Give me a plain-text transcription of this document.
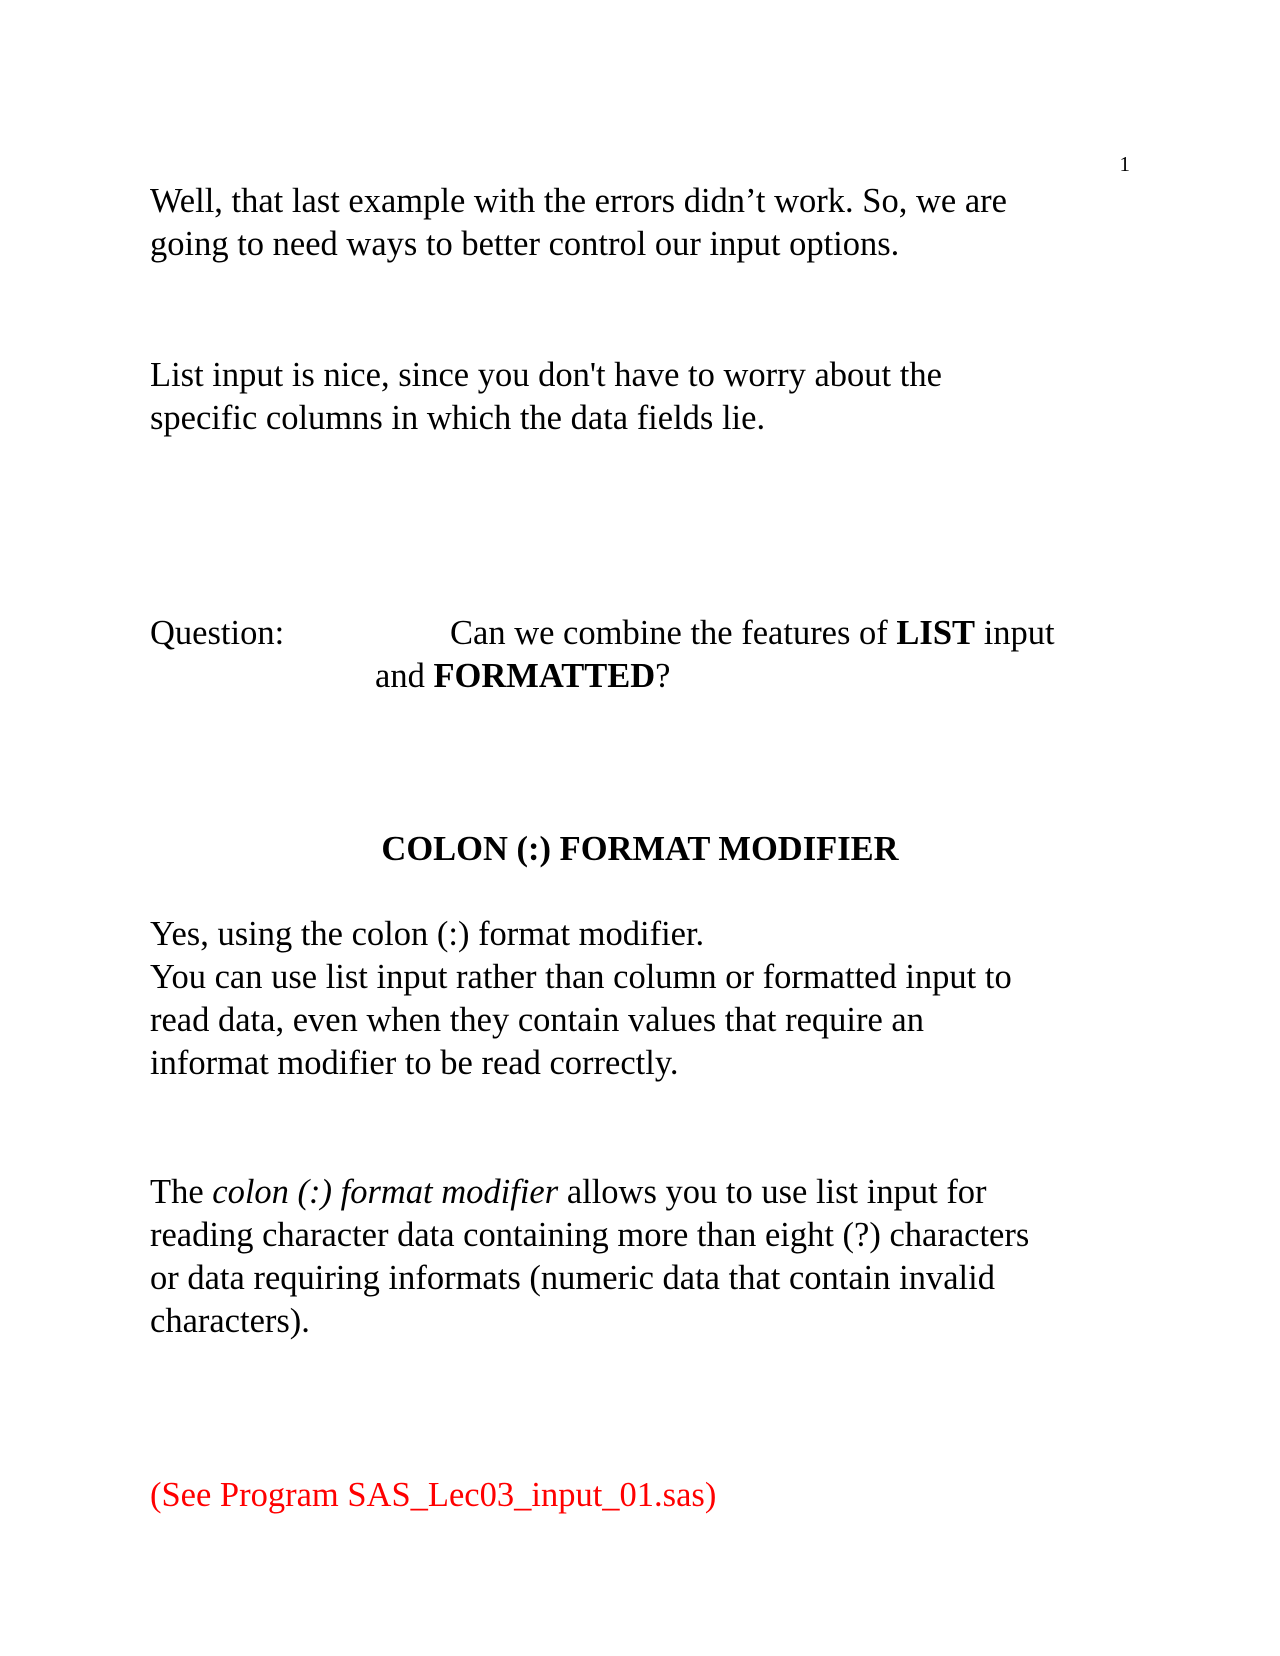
1
Well, that last example with the errors didn’t work. So, we are
going to need ways to better control our input options.
List input is nice, since you don't have to worry about the
specific columns in which the data fields lie.
Question:	Can we combine the features of LIST input
and FORMATTED?
COLON (:) FORMAT MODIFIER
Yes, using the colon (:) format modifier.
You can use list input rather than column or formatted input to
read data, even when they contain values that require an
informat modifier to be read correctly.
The colon (:) format modifier allows you to use list input for
reading character data containing more than eight (?) characters
or data requiring informats (numeric data that contain invalid
characters).
(See Program SAS_Lec03_input_01.sas)
